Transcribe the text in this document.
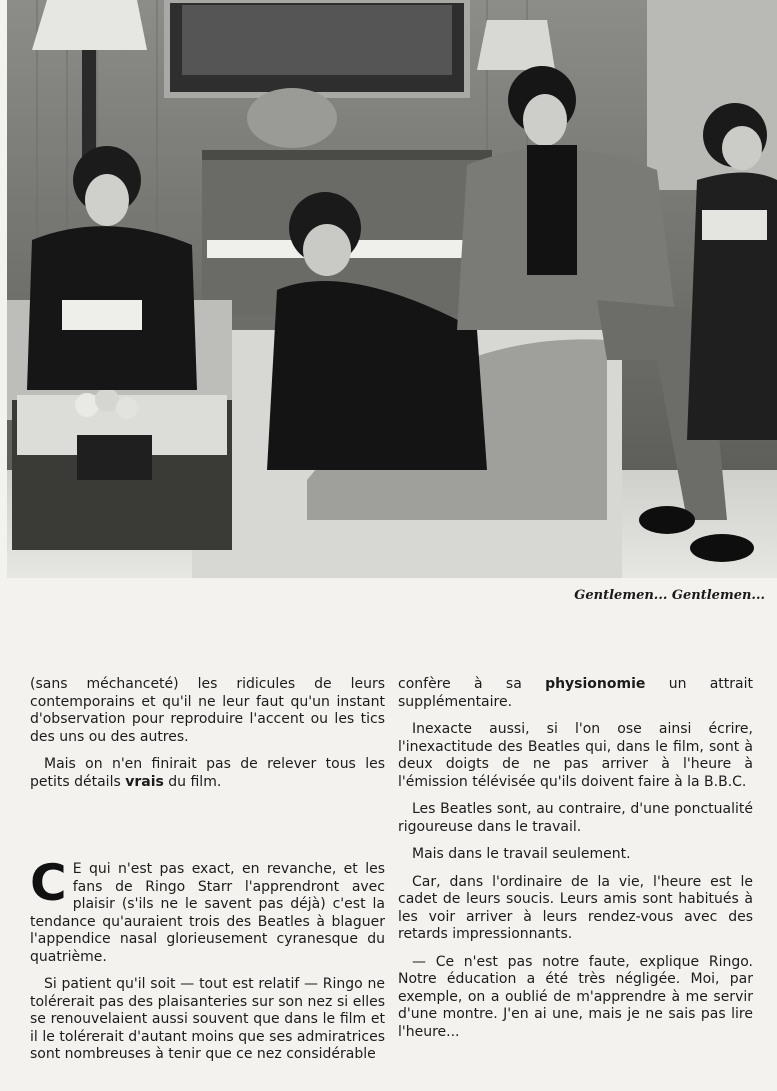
Gentlemen... Gentlemen...

(sans méchanceté) les ridicules de leurs contemporains et qu'il ne leur faut qu'un instant d'observation pour reproduire l'accent ou les tics des uns ou des autres.

Mais on n'en finirait pas de relever tous les petits détails vrais du film.

C E qui n'est pas exact, en revanche, et les fans de Ringo Starr l'apprendront avec plaisir (s'ils ne le savent pas déjà) c'est la tendance qu'auraient trois des Beatles à blaguer l'appendice nasal glorieusement cyranesque du quatrième.

Si patient qu'il soit — tout est relatif — Ringo ne tolérerait pas des plaisanteries sur son nez si elles se renouvelaient aussi souvent que dans le film et il le tolérerait d'autant moins que ses admiratrices sont nombreuses à tenir que ce nez considérable

confère à sa physionomie un attrait supplémentaire.

Inexacte aussi, si l'on ose ainsi écrire, l'inexactitude des Beatles qui, dans le film, sont à deux doigts de ne pas arriver à l'heure à l'émission télévisée qu'ils doivent faire à la B.B.C.

Les Beatles sont, au contraire, d'une ponctualité rigoureuse dans le travail.

Mais dans le travail seulement.

Car, dans l'ordinaire de la vie, l'heure est le cadet de leurs soucis. Leurs amis sont habitués à les voir arriver à leurs rendez-vous avec des retards impressionnants.

— Ce n'est pas notre faute, explique Ringo. Notre éducation a été très négligée. Moi, par exemple, on a oublié de m'apprendre à me servir d'une montre. J'en ai une, mais je ne sais pas lire l'heure...
